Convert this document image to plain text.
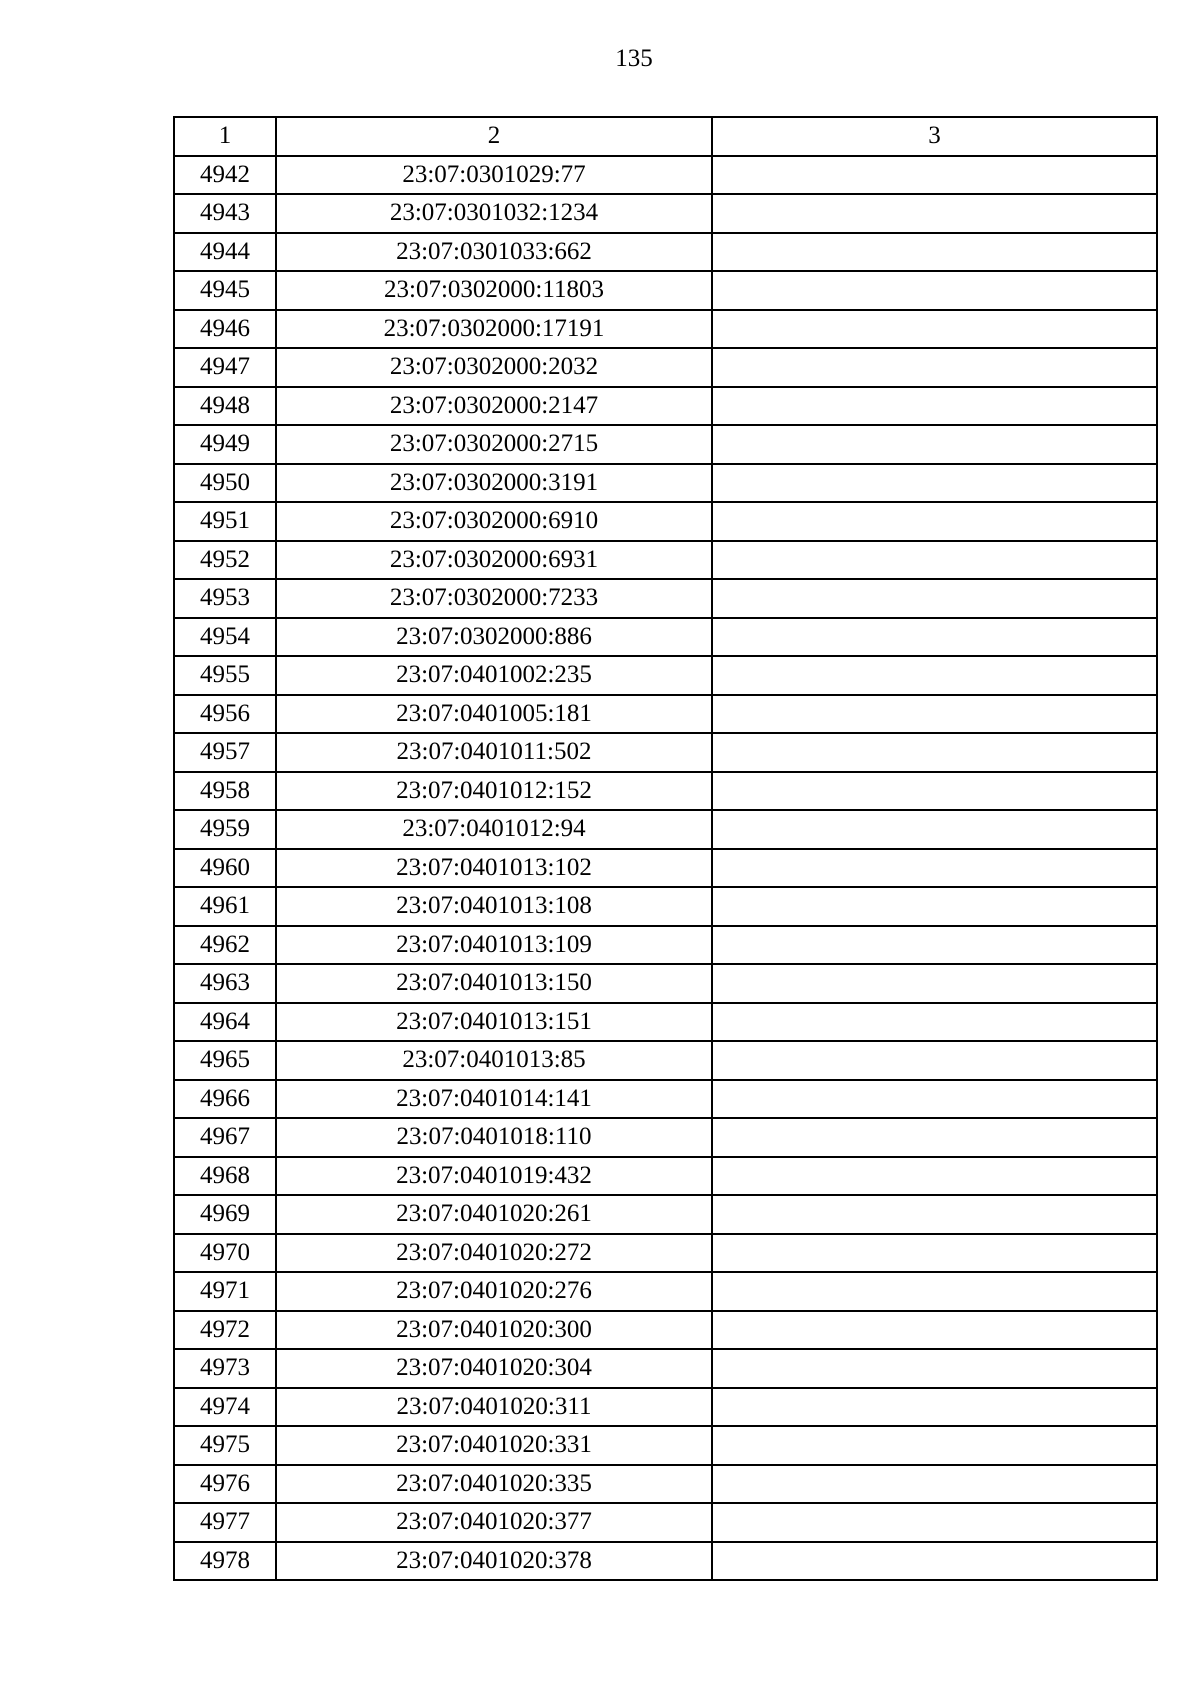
135
1	2	3
4942	23:07:0301029:77	
4943	23:07:0301032:1234	
4944	23:07:0301033:662	
4945	23:07:0302000:11803	
4946	23:07:0302000:17191	
4947	23:07:0302000:2032	
4948	23:07:0302000:2147	
4949	23:07:0302000:2715	
4950	23:07:0302000:3191	
4951	23:07:0302000:6910	
4952	23:07:0302000:6931	
4953	23:07:0302000:7233	
4954	23:07:0302000:886	
4955	23:07:0401002:235	
4956	23:07:0401005:181	
4957	23:07:0401011:502	
4958	23:07:0401012:152	
4959	23:07:0401012:94	
4960	23:07:0401013:102	
4961	23:07:0401013:108	
4962	23:07:0401013:109	
4963	23:07:0401013:150	
4964	23:07:0401013:151	
4965	23:07:0401013:85	
4966	23:07:0401014:141	
4967	23:07:0401018:110	
4968	23:07:0401019:432	
4969	23:07:0401020:261	
4970	23:07:0401020:272	
4971	23:07:0401020:276	
4972	23:07:0401020:300	
4973	23:07:0401020:304	
4974	23:07:0401020:311	
4975	23:07:0401020:331	
4976	23:07:0401020:335	
4977	23:07:0401020:377	
4978	23:07:0401020:378	
